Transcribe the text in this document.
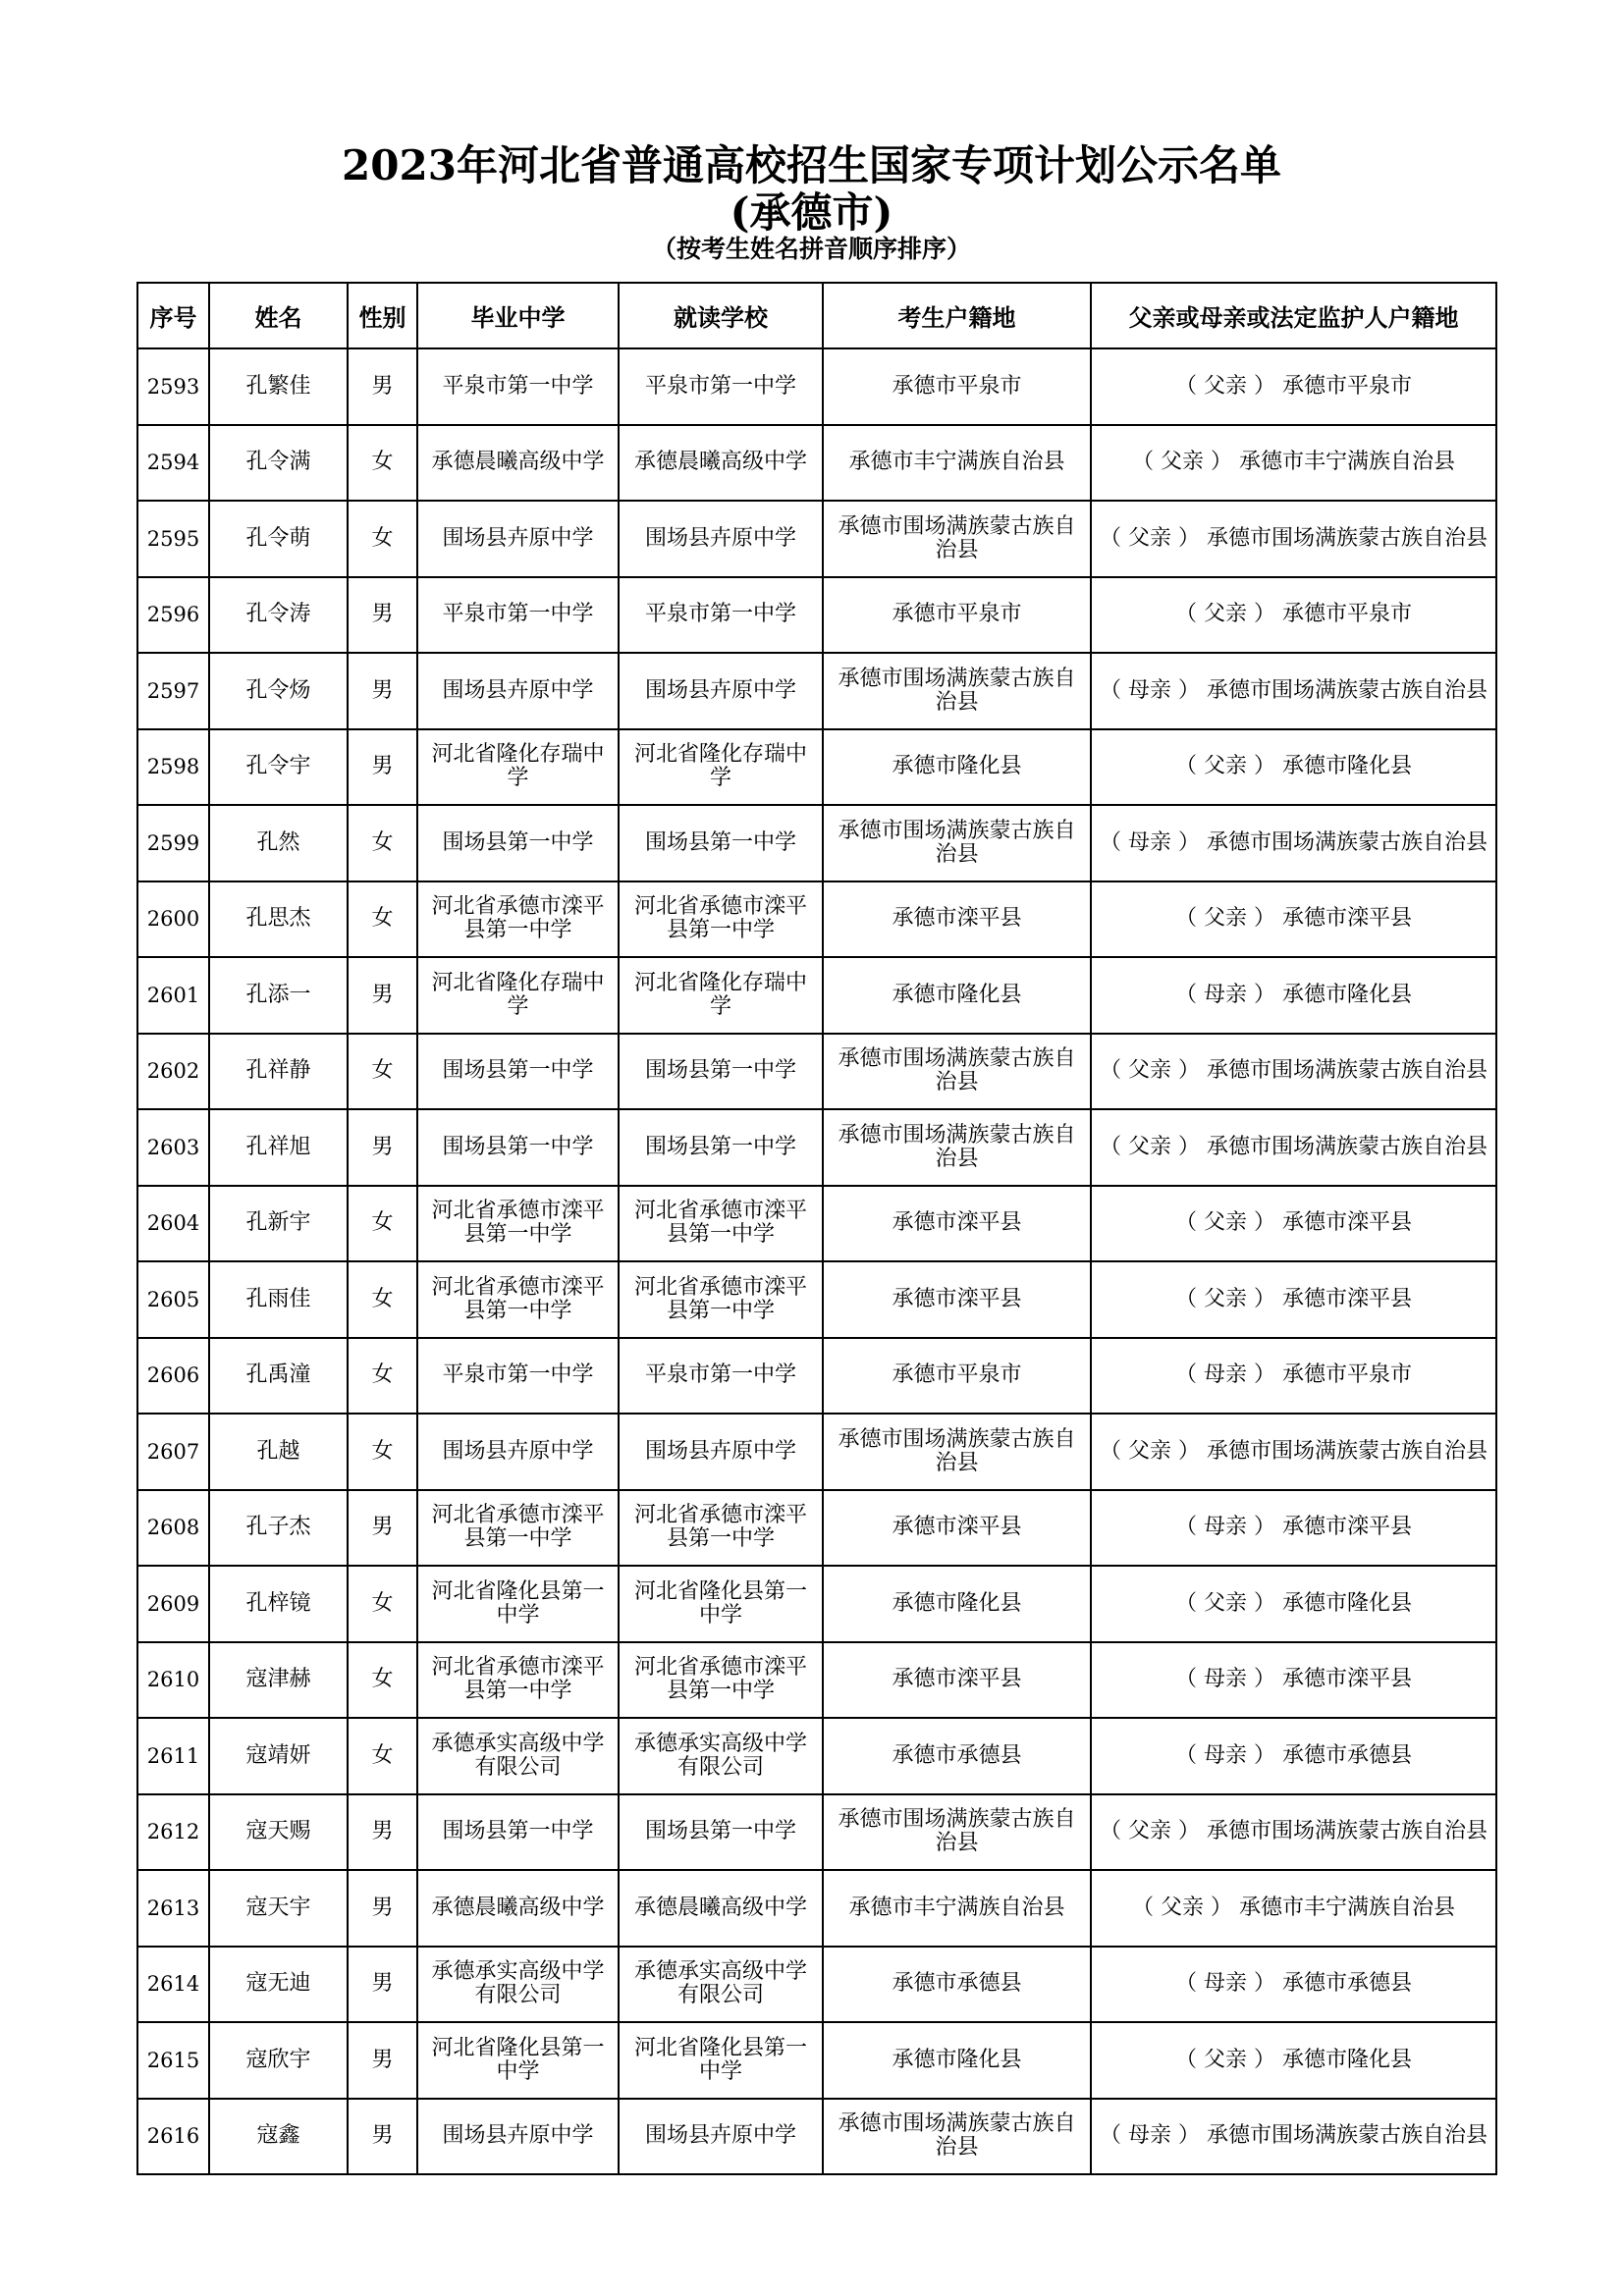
2023年河北省普通高校招生国家专项计划公示名单
(承德市)
（按考生姓名拼音顺序排序）
序号	姓名	性别	毕业中学	就读学校	考生户籍地	父亲或母亲或法定监护人户籍地
2593	孔繁佳	男	平泉市第一中学	平泉市第一中学	承德市平泉市	（ 父亲 ） 承德市平泉市
2594	孔令满	女	承德晨曦高级中学	承德晨曦高级中学	承德市丰宁满族自治县	（ 父亲 ） 承德市丰宁满族自治县
2595	孔令萌	女	围场县卉原中学	围场县卉原中学	承德市围场满族蒙古族自治县	（ 父亲 ） 承德市围场满族蒙古族自治县
2596	孔令涛	男	平泉市第一中学	平泉市第一中学	承德市平泉市	（ 父亲 ） 承德市平泉市
2597	孔令炀	男	围场县卉原中学	围场县卉原中学	承德市围场满族蒙古族自治县	（ 母亲 ） 承德市围场满族蒙古族自治县
2598	孔令宇	男	河北省隆化存瑞中学	河北省隆化存瑞中学	承德市隆化县	（ 父亲 ） 承德市隆化县
2599	孔然	女	围场县第一中学	围场县第一中学	承德市围场满族蒙古族自治县	（ 母亲 ） 承德市围场满族蒙古族自治县
2600	孔思杰	女	河北省承德市滦平县第一中学	河北省承德市滦平县第一中学	承德市滦平县	（ 父亲 ） 承德市滦平县
2601	孔添一	男	河北省隆化存瑞中学	河北省隆化存瑞中学	承德市隆化县	（ 母亲 ） 承德市隆化县
2602	孔祥静	女	围场县第一中学	围场县第一中学	承德市围场满族蒙古族自治县	（ 父亲 ） 承德市围场满族蒙古族自治县
2603	孔祥旭	男	围场县第一中学	围场县第一中学	承德市围场满族蒙古族自治县	（ 父亲 ） 承德市围场满族蒙古族自治县
2604	孔新宇	女	河北省承德市滦平县第一中学	河北省承德市滦平县第一中学	承德市滦平县	（ 父亲 ） 承德市滦平县
2605	孔雨佳	女	河北省承德市滦平县第一中学	河北省承德市滦平县第一中学	承德市滦平县	（ 父亲 ） 承德市滦平县
2606	孔禹潼	女	平泉市第一中学	平泉市第一中学	承德市平泉市	（ 母亲 ） 承德市平泉市
2607	孔越	女	围场县卉原中学	围场县卉原中学	承德市围场满族蒙古族自治县	（ 父亲 ） 承德市围场满族蒙古族自治县
2608	孔子杰	男	河北省承德市滦平县第一中学	河北省承德市滦平县第一中学	承德市滦平县	（ 母亲 ） 承德市滦平县
2609	孔梓镜	女	河北省隆化县第一中学	河北省隆化县第一中学	承德市隆化县	（ 父亲 ） 承德市隆化县
2610	寇津赫	女	河北省承德市滦平县第一中学	河北省承德市滦平县第一中学	承德市滦平县	（ 母亲 ） 承德市滦平县
2611	寇靖妍	女	承德承实高级中学有限公司	承德承实高级中学有限公司	承德市承德县	（ 母亲 ） 承德市承德县
2612	寇天赐	男	围场县第一中学	围场县第一中学	承德市围场满族蒙古族自治县	（ 父亲 ） 承德市围场满族蒙古族自治县
2613	寇天宇	男	承德晨曦高级中学	承德晨曦高级中学	承德市丰宁满族自治县	（ 父亲 ） 承德市丰宁满族自治县
2614	寇无迪	男	承德承实高级中学有限公司	承德承实高级中学有限公司	承德市承德县	（ 母亲 ） 承德市承德县
2615	寇欣宇	男	河北省隆化县第一中学	河北省隆化县第一中学	承德市隆化县	（ 父亲 ） 承德市隆化县
2616	寇鑫	男	围场县卉原中学	围场县卉原中学	承德市围场满族蒙古族自治县	（ 母亲 ） 承德市围场满族蒙古族自治县
